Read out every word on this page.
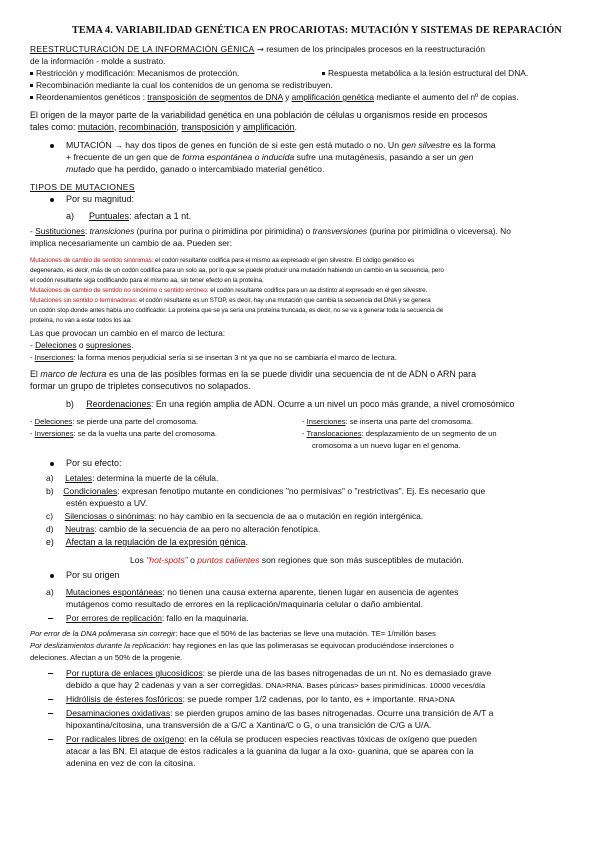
TEMA 4. VARIABILIDAD GENÉTICA EN PROCARIOTAS: MUTACIÓN Y SISTEMAS DE REPARACIÓN
REESTRUCTURACIÓN DE LA INFORMACIÓN GÉNICA → resumen de los principales procesos en la reestructuración
de la información - molde a sustrato.
Restricción y modificación: Mecanismos de protección.	Respuesta metabólica a la lesión estructural del DNA.
Recombinación mediante la cual los contenidos de un genoma se redistribuyen.
Reordenamientos genéticos : transposición de segmentos de DNA y amplificación genética mediante el aumento del nº de copias.
El origen de la mayor parte de la variabilidad genética en una población de células u organismos reside en procesos
tales como: mutación, recombinación, transposición y amplificación.
MUTACIÓN → hay dos tipos de genes en función de si este gen está mutado o no. Un gen silvestre es la forma
+ frecuente de un gen que de forma espontánea o inducida sufre una mutagénesis, pasando a ser un gen
mutado que ha perdido, ganado o intercambiado material genético.
TIPOS DE MUTACIONES
Por su magnitud:
a) Puntuales: afectan a 1 nt.
- Sustituciones: transiciones (purina por purina o pirimidina por pirimidina) o transversiones (purina por pirimidina o viceversa). No
implica necesariamente un cambio de aa. Pueden ser:
Mutaciones de cambio de sentido sinónimas: el codón resultante codifica para el mismo aa expresado el gen silvestre. El código genético es
degenerado, es decir, más de un codón codifica para un solo aa, por lo que se puede producir una mutación habiendo un cambio en la secuencia, pero
el codón resultante siga codificando para el mismo aa, sin tener efecto en la proteína.
Mutaciones de cambio de sentido no sinónimo o sentido erróneo: el codón resultante codifica para un aa distinto al expresado en el gen silvestre.
Mutaciones sin sentido o terminadoras: el codón resultante es un STOP, es decir, hay una mutación que cambia la secuencia del DNA y se genera
un codón stop donde antes había uno codificador. La proteína que se ya sería una proteína truncada, es decir, no se va a generar toda la secuencia de
proteína, no van a estar todos los aa.
Las que provocan un cambio en el marco de lectura:
- Deleciones o supresiones.
- Inserciones: la forma menos perjudicial sería si se insertan 3 nt ya que no se cambiaría el marco de lectura.
El marco de lectura es una de las posibles formas en la se puede dividir una secuencia de nt de ADN o ARN para
formar un grupo de tripletes consecutivos no solapados.
b) Reordenaciones: En una región amplia de ADN. Ocurre a un nivel un poco más grande, a nivel cromosómico
- Deleciones: se pierde una parte del cromosoma.
- Inversiones: se da la vuelta una parte del cromosoma.
- Inserciones: se inserta una parte del cromosoma.
- Translocaciones: desplazamiento de un segmento de un
cromosoma a un nuevo lugar en el genoma.
Por su efecto:
a) Letales: determina la muerte de la célula.
b) Condicionales: expresan fenotipo mutante en condiciones "no permisivas" o "restrictivas". Ej. Es necesario que
estén expuesto a UV.
c) Silenciosas o sinónimas: no hay cambio en la secuencia de aa o mutación en región intergénica.
d) Neutras: cambio de la secuencia de aa pero no alteración fenotípica.
e) Afectan a la regulación de la expresión génica.
Los "hot-spots" o puntos calientes son regiones que son más susceptibles de mutación.
Por su origen
a) Mutaciones espontáneas: no tienen una causa externa aparente, tienen lugar en ausencia de agentes
mutágenos como resultado de errores en la replicación/maquinaria celular o daño ambiental.
Por errores de replicación: fallo en la maquinaria.
Por error de la DNA polimerasa sin corregir: hace que el 50% de las bacterias se lleve una mutación. TE= 1/millón bases
Por deslizamientos durante la replicación: hay regiones en las que las polimerasas se equivocan produciéndose inserciones o
deleciones. Afectan a un 50% de la progenie.
Por ruptura de enlaces glucosídicos: se pierde una de las bases nitrogenadas de un nt. No es demasiado grave
debido a que hay 2 cadenas y van a ser corregidas. DNA>RNA. Bases púricas> bases pirimidínicas. 10000 veces/día
Hidrólisis de ésteres fosfóricos: se puede romper 1/2 cadenas, por lo tanto, es + importante. RNA>DNA
Desaminaciones oxidativas: se pierden grupos amino de las bases nitrogenadas. Ocurre una transición de A/T a
hipoxantina/citosina, una transversión de a G/C a Xantina/C o G, o una transición de C/G a U/A.
Por radicales libres de oxígeno: en la célula se producen especies reactivas tóxicas de oxígeno que pueden
atacar a las BN. El ataque de estos radicales a la guanina da lugar a la oxo- guanina, que se aparea con la
adenina en vez de con la citosina.
